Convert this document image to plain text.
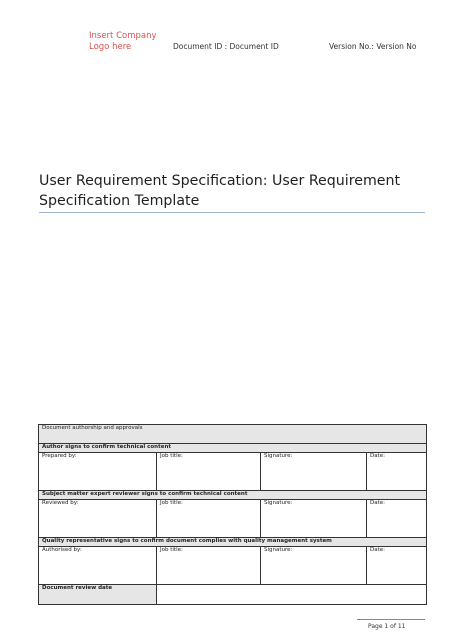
Insert Company
Logo here	Document ID : Document ID	Version No.: Version No
User Requirement Specification: User Requirement
Specification Template
Document authorship and approvals			
Author signs to confirm technical content			
Prepared by:	Job title:	Signature:	Date:
Subject matter expert reviewer signs to confirm technical content			
Reviewed by:	Job title:	Signature:	Date:
Quality representative signs to confirm document complies with quality management system			
Authorised by:	Job title:	Signature:	Date:
Document review date			
Page 1 of 11
